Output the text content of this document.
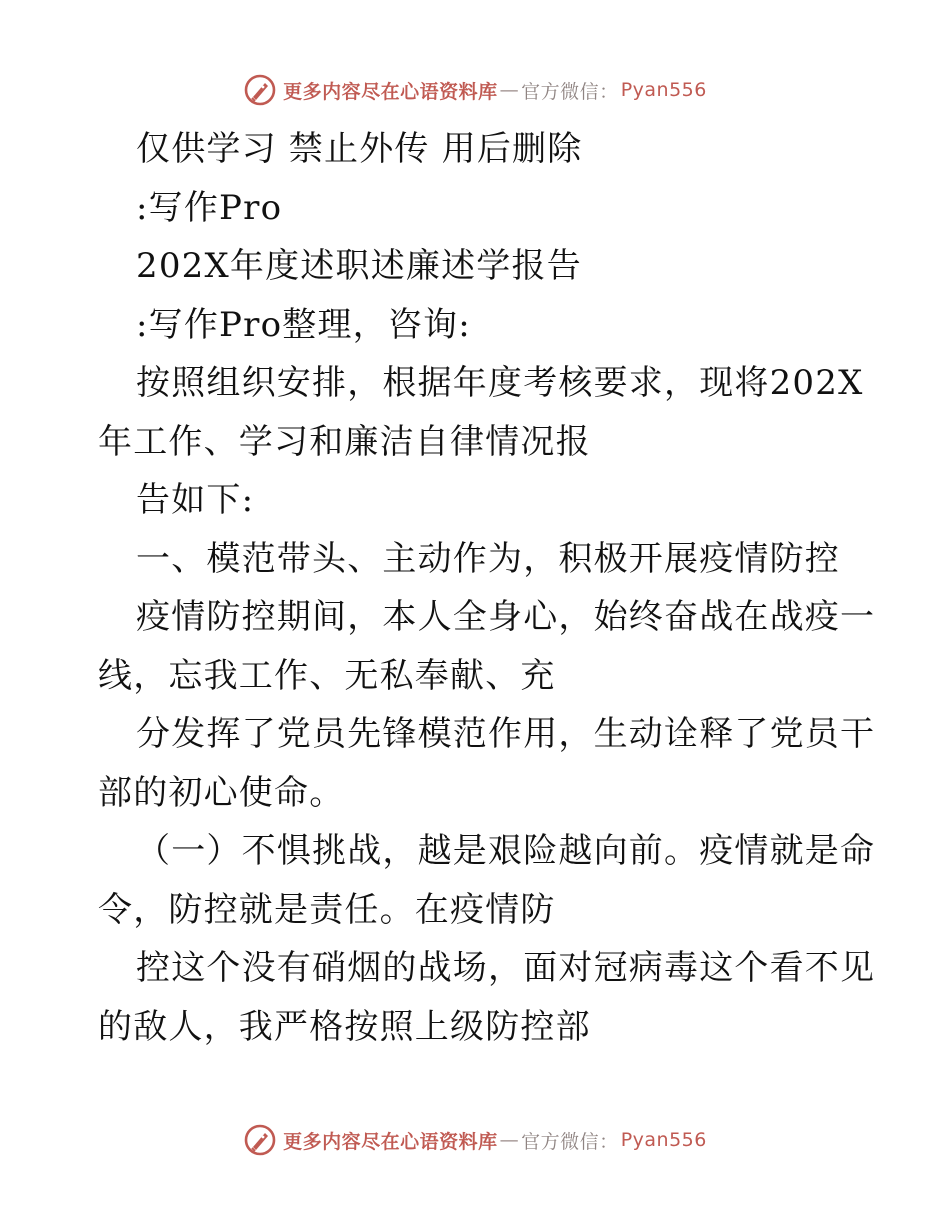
更多内容尽在心语资料库 — 官方微信： Pyan556
仅供学习 禁止外传 用后删除
:写作Pro
202X年度述职述廉述学报告
:写作Pro整理，咨询:
按照组织安排，根据年度考核要求，现将202X
年工作、学习和廉洁自律情况报
告如下:
一、模范带头、主动作为，积极开展疫情防控
疫情防控期间，本人全身心，始终奋战在战疫一
线，忘我工作、无私奉献、充
分发挥了党员先锋模范作用，生动诠释了党员干
部的初心使命。
（一）不惧挑战，越是艰险越向前。疫情就是命
令，防控就是责任。在疫情防
控这个没有硝烟的战场，面对冠病毒这个看不见
的敌人，我严格按照上级防控部
更多内容尽在心语资料库 — 官方微信： Pyan556
